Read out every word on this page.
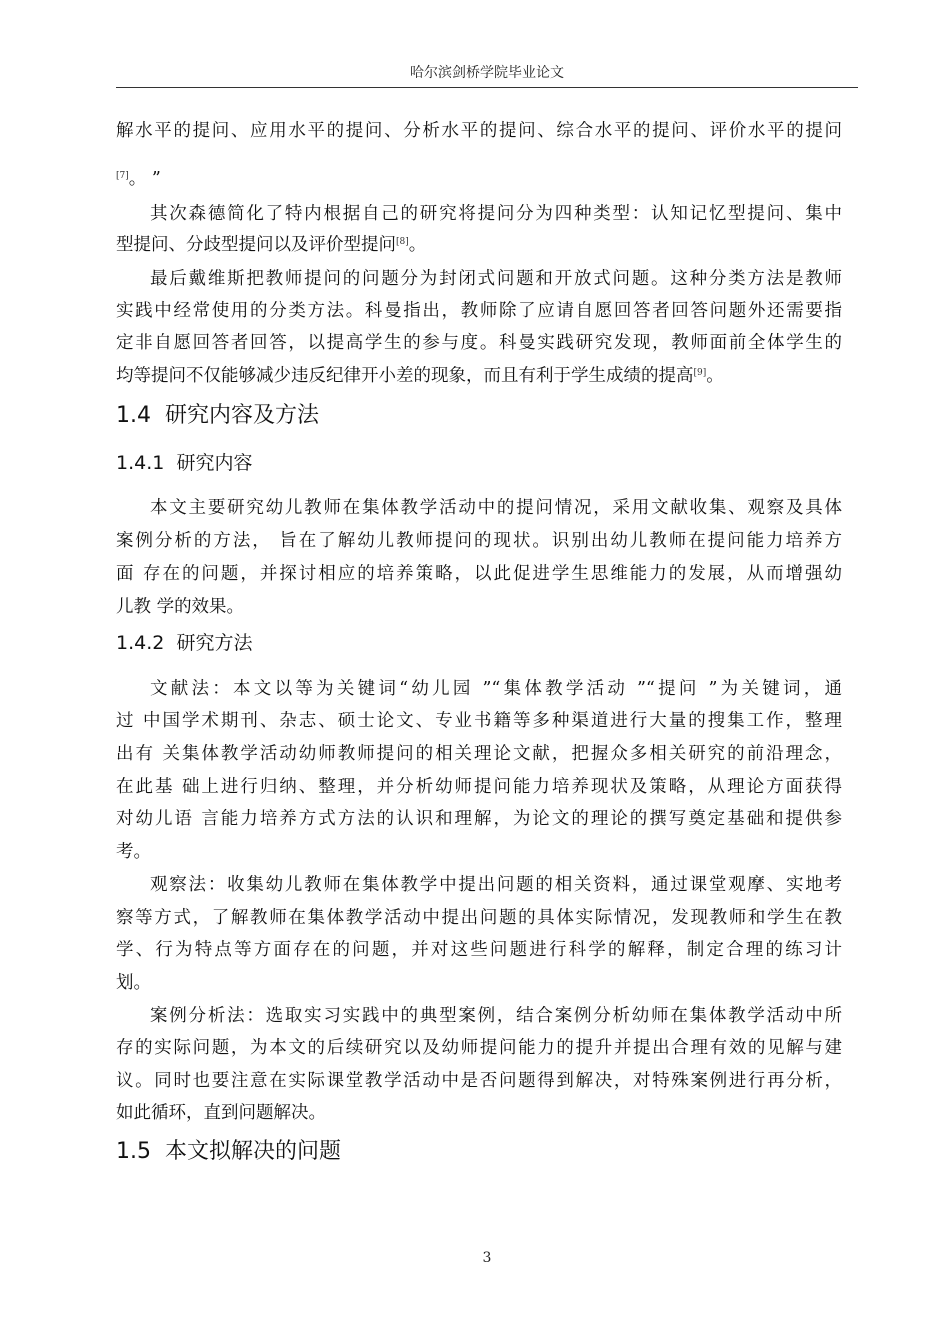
哈尔滨剑桥学院毕业论文
解水平的提问、应用水平的提问、分析水平的提问、综合水平的提问、评价水平的提问
[7]。 ”
其次森德简化了特内根据自己的研究将提问分为四种类型：认知记忆型提问、集中
型提问、分歧型提问以及评价型提问[8]。
最后戴维斯把教师提问的问题分为封闭式问题和开放式问题。这种分类方法是教师
实践中经常使用的分类方法。科曼指出，教师除了应请自愿回答者回答问题外还需要指
定非自愿回答者回答，以提高学生的参与度。科曼实践研究发现，教师面前全体学生的
均等提问不仅能够减少违反纪律开小差的现象，而且有利于学生成绩的提高[9]。
1.4 研究内容及方法
1.4.1 研究内容
本文主要研究幼儿教师在集体教学活动中的提问情况，采用文献收集、观察及具体
案例分析的方法， 旨在了解幼儿教师提问的现状。识别出幼儿教师在提问能力培养方
面 存在的问题，并探讨相应的培养策略，以此促进学生思维能力的发展，从而增强幼
儿教 学的效果。
1.4.2 研究方法
文献法：本文以等为关键词“幼儿园 ”“集体教学活动 ”“提问 ”为关键词，通
过 中国学术期刊、杂志、硕士论文、专业书籍等多种渠道进行大量的搜集工作，整理
出有 关集体教学活动幼师教师提问的相关理论文献，把握众多相关研究的前沿理念，
在此基 础上进行归纳、整理，并分析幼师提问能力培养现状及策略，从理论方面获得
对幼儿语 言能力培养方式方法的认识和理解，为论文的理论的撰写奠定基础和提供参
考。
观察法：收集幼儿教师在集体教学中提出问题的相关资料，通过课堂观摩、实地考
察等方式，了解教师在集体教学活动中提出问题的具体实际情况，发现教师和学生在教
学、行为特点等方面存在的问题，并对这些问题进行科学的解释，制定合理的练习计
划。
案例分析法：选取实习实践中的典型案例，结合案例分析幼师在集体教学活动中所
存的实际问题，为本文的后续研究以及幼师提问能力的提升并提出合理有效的见解与建
议。同时也要注意在实际课堂教学活动中是否问题得到解决，对特殊案例进行再分析，
如此循环，直到问题解决。
1.5 本文拟解决的问题
3
